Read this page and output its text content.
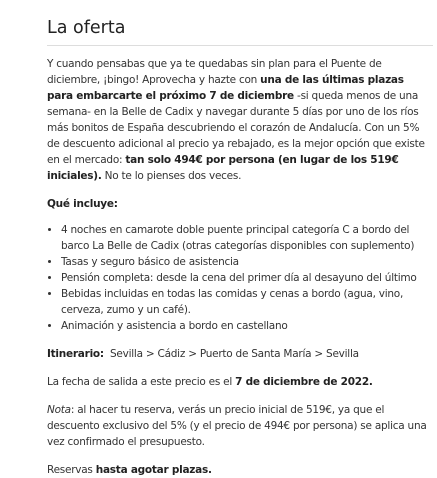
La oferta

Y cuando pensabas que ya te quedabas sin plan para el Puente de diciembre, ¡bingo! Aprovecha y hazte con una de las últimas plazas para embarcarte el próximo 7 de diciembre -si queda menos de una semana- en la Belle de Cadix y navegar durante 5 días por uno de los ríos más bonitos de España descubriendo el corazón de Andalucía. Con un 5% de descuento adicional al precio ya rebajado, es la mejor opción que existe en el mercado: tan solo 494€ por persona (en lugar de los 519€ iniciales). No te lo pienses dos veces.

Qué incluye:

• 4 noches en camarote doble puente principal categoría C a bordo del barco La Belle de Cadix (otras categorías disponibles con suplemento)
• Tasas y seguro básico de asistencia
• Pensión completa: desde la cena del primer día al desayuno del último
• Bebidas incluidas en todas las comidas y cenas a bordo (agua, vino, cerveza, zumo y un café).
• Animación y asistencia a bordo en castellano

Itinerario:  Sevilla > Cádiz > Puerto de Santa María > Sevilla

La fecha de salida a este precio es el 7 de diciembre de 2022.

Nota: al hacer tu reserva, verás un precio inicial de 519€, ya que el descuento exclusivo del 5% (y el precio de 494€ por persona) se aplica una vez confirmado el presupuesto.

Reservas hasta agotar plazas.
